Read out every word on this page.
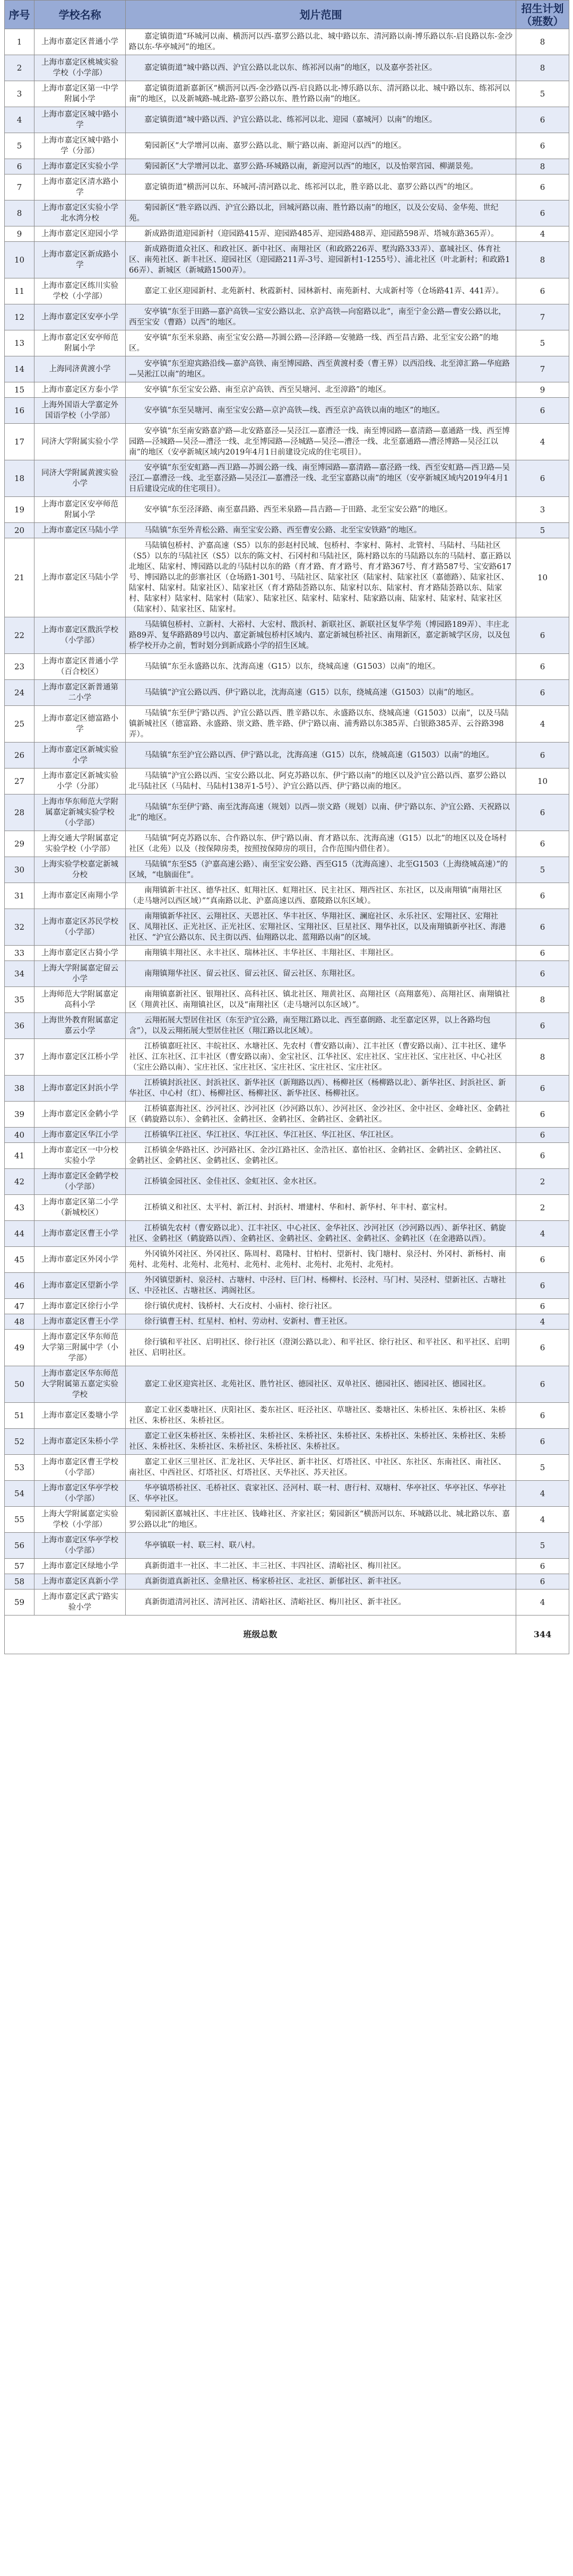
序号	学校名称	划片范围	招生计划（班数）
1	上海市嘉定区普通小学	嘉定镇街道“环城河以南、横沥河以西-嘉罗公路以北、城中路以东、清河路以南-博乐路以东-启良路以东-金沙路以东-华亭城河”的地区。	8
2	上海市嘉定区桃城实验学校（小学部）	嘉定镇街道“城中路以西、沪宜公路以北以东、练祁河以南”的地区，以及嘉亭荟社区。	8
3	上海市嘉定区第一中学附属小学	嘉定镇街道新嘉新区“横沥河以西-金沙路以西-启良路以北-博乐路以东、清河路以北、城中路以东、练祁河以南”的地区，以及新城路-城北路-嘉罗公路以东、胜竹路以南”的地区。	5
4	上海市嘉定区城中路小学	嘉定镇街道“城中路以西、沪宜公路以北、练祁河以北、迎园（嘉城河）以南”的地区。	6
5	上海市嘉定区城中路小学（分部）	菊园新区“大学增河以南、嘉罗公路以北、顺宁路以南、新迎河以西”的地区。	6
6	上海市嘉定区实验小学	菊园新区“大学增河以北、嘉罗公路-环城路以南，新迎河以西”的地区，以及怡翠宫园、柳湖景苑。	8
7	上海市嘉定区清水路小学	嘉定镇街道“横沥河以东、环城河-清河路以北、练祁河以北，胜辛路以北、嘉罗公路以西”的地区。	6
8	上海市嘉定区实验小学北水湾分校	菊园新区“胜辛路以西、沪宜公路以北，回城河路以南、胜竹路以南”的地区，以及公安局、金华苑、世纪苑。	6
9	上海市嘉定区迎园小学	新成路街道迎园新村（迎园路415弄、迎园路485弄、迎园路488弄、迎园路598弄、塔城东路365弄）。	4
10	上海市嘉定区新成路小学	新成路街道众社区、和政社区、新中社区、南翔社区（和政路226弄、墅沟路333弄）、嘉城社区、体育社区、南苑社区、新丰社区、迎园社区（迎园路211弄-3号、迎园新村1-1255号）、浦北社区（叶北新村；和政路166弄）、新城区（新城路1500弄）。	8
11	上海市嘉定区练川实验学校（小学部）	嘉定工业区迎园新村、北苑新村、秋霞新村、园林新村、南苑新村、大成新村等（仓场路41弄、441弄）。	6
12	上海市嘉定区安亭小学	安亭镇“东至于田路—嘉沪高铁—宝安公路以北、京沪高铁—向窑路以北”，南至宁金公路—曹安公路以北，西至宝安（曹路）以西”的地区。	7
13	上海市嘉定区安亭师范附属小学	安亭镇“东至米泉路、南至宝安公路—苏圆公路—泾泽路—安驰路一线、西至昌吉路、北至宝安公路”的地区。	5
14	上海同济黄渡小学	安亭镇“东至迎宾路沿线—嘉沪高铁、南至博园路、西至黄渡村委（曹王界）以西沿线、北至漳汇路—华庭路—吴淞江以南”的地区。	7
15	上海市嘉定区方泰小学	安亭镇“东至宝安公路、南至京沪高铁、西至吴塘河、北至漳路”的地区。	9
16	上海外国语大学嘉定外国语学校（小学部）	安亭镇“东至吴塘河、南至宝安公路—京沪高铁—线、西至京沪高铁以南的地区”的地区。	6
17	同济大学附属实验小学	安亭镇“东至南安路嘉沪路—北安路嘉泾—吴泾江—嘉漕泾一线、南至博园路—嘉清路—嘉通路一线、西至博园路—泾城路—吴泾—漕泾一线、北至博园路—泾城路—吴泾—漕泾一线、北至嘉通路—漕泾博路—吴泾江以南”的地区（安亭新城区域内2019年4月1日前建设完成的住宅项目）。	4
18	同济大学附属黄渡实验小学	安亭镇“东至安虹路—西卫路—苏圆公路一线、南至博园路—嘉清路—嘉泾路一线、西至安虹路—西卫路—吴泾江—嘉漕泾一线、北至嘉泾路—吴泾江—嘉漕泾一线、北至宝嘉路以南”的地区（安亭新城区域内2019年4月1日后建设完成的住宅项目）。	6
19	上海市嘉定区安亭师范附属小学	安亭镇“东至泾泽路、南至嘉昌路、西至米泉路—昌吉路—于田路、北至宝安公路”的地区。	3
20	上海市嘉定区马陆小学	马陆镇“东至外青松公路、南至宝安公路、西至曹安公路、北至宝安铁路”的地区。	5
21	上海市嘉定区马陆小学	马陆镇包桥村、沪嘉高速（S5）以东的彭赵村民域、包桥村、李家村、陈村、北管村、马陆村、马陆社区（S5）以东的马陆社区（S5）以东的陈文村、石冈村和马陆社区，陈村路以东的马陆路以东的马陆村、嘉正路以北地区、陆家村、博园路以北的马陆村以东的路（育才路、育才路号、育才路367号、育才路587号、宝安路617号、博园路以北的彭寨社区（仓场路1-301号、马陆社区、陆家社区（陆家村、陆家社区（嘉德路）、陆家社区、陆家村、陆家村。陆家社区）、陆家社区（育才路陆荟路以东、陆家村以东、陆家村、育才路陆荟路以东、陆家村、陆家村）陆家村、陆家村（陆家）、陆家社区、陆家村、陆家村、陆家路以南、陆家村、陆家村、陆家社区（陆家村）、陆家社区、陆家村。	10
22	上海市嘉定区戬浜学校（小学部）	马陆镇包桥村、立新村、大裕村、大宏村、戬浜村、新联社区、新联社区复华学苑（博园路189弄）、丰庄北路89弄、复华路路89号以内、嘉定新城包桥村区域内、嘉定新城包桥社区、南翔新区，嘉定新城学区房，以及包桥学校开办之前，暂时划分到新成路小学的招生区域。	6
23	上海市嘉定区普通小学（百合校区）	马陆镇“东至永盛路以东、沈海高速（G15）以东，绕城高速（G1503）以南”的地区。	6
24	上海市嘉定区新普通第二小学	马陆镇“沪宜公路以西、伊宁路以北，沈海高速（G15）以东，绕城高速（G1503）以南”的地区。	6
25	上海市嘉定区德富路小学	马陆镇“东至伊宁路以西、沪宜公路以西、胜辛路以东、永盛路以东、绕城高速（G1503）以南”，以及马陆镇新城社区（德富路、永盛路、崇文路、胜辛路、伊宁路以南、浦秀路以东385弄、白银路385弄、云谷路398弄）。	4
26	上海市嘉定区新城实验小学	马陆镇“东至沪宜公路以西、伊宁路以北，沈海高速（G15）以东，绕城高速（G1503）以南”的地区。	6
27	上海市嘉定区新城实验小学（分部）	马陆镇“沪宜公路以西、宝安公路以北、阿克苏路以东、伊宁路以南”的地区以及沪宜公路以西、嘉罗公路以北马陆社区（马陆村、马陆村138弄1-5号）、沪宜公路以西、伊宁路以南的地区。	10
28	上海市华东师范大学附属嘉定新城实验学校（小学部）	马陆镇“东至伊宁路、南至沈海高速（规划）以西—崇文路（规划）以南、伊宁路以东、沪宜公路、天祝路以北”的地区。	6
29	上海交通大学附属嘉定实验学校（小学部）	马陆镇“阿克苏路以东、合作路以东、伊宁路以南、育才路以东、沈海高速（G15）以北”的地区以及仓场村社区（北苑）以及（按保障房类，按照按保障房的项目，合作范围内借住者）。	6
30	上海实验学校嘉定新城分校	马陆镇“东至S5（沪嘉高速公路）、南至宝安公路、西至G15（沈海高速）、北至G1503（上海绕城高速）”的区域，“电脑面住”。	5
31	上海市嘉定区南翔小学	南翔镇新丰社区、德华社区、虹翔社区、虹翔社区、民主社区、翔西社区、东社区，以及南翔镇“南翔社区（走马塘河以西区域）”“真南路以北、沪嘉高速以西、嘉陵路以东区域）。	6
32	上海市嘉定区苏民学校（小学部）	南翔镇新华社区、云翔社区、天恩社区、华丰社区、华翔社区、澜庭社区、永乐社区、宏翔社区、宏翔社区、凤翔社区、正光社区、正光社区、宏翔社区、宝翔社区、巨星社区、翔华社区，以及南翔镇新亭社区、海港社区、“沪宜公路以东、民主街以西、仙翔路以北、蓝翔路以南”的区域。	6
33	上海市嘉定区古猗小学	南翔镇丰翔社区、永丰社区、瑞林社区、丰华社区、丰翔社区、丰翔社区。	6
34	上海大学附属嘉定留云小学	南翔镇翔华社区、留云社区、留云社区、留云社区、东翔社区。	6
35	上海师范大学附属嘉定高科小学	南翔镇嘉新社区、银翔社区、高科社区、镇北社区、翔黄社区、高翔社区（高翔嘉苑）、高翔社区、南翔镇社区（翔黄社区、南翔镇社区，以及“南翔社区（走马塘河以东区域）”。	8
36	上海世外教育附属嘉定嘉云小学	云翔拓展大型居住社区（东至沪宜公路，南至翔江路以北、西至嘉朗路、北至嘉定区界，以上各路均包含”），以及云翔拓展大型居住社区（翔江路以北区域）。	6
37	上海市嘉定区江桥小学	江桥镇嘉旺社区、丰皖社区、水塘社区、先农村（曹安路以南）、江丰社区（曹安路以南）、江丰社区、建华社区、江东社区、江丰社区（曹安路以南）、金宝社区、江华社区、宏庄社区、宝庄社区、宝庄社区、中心社区（宝庄公路以南）、宝庄社区、宝庄社区、宝庄社区、宝庄社区、宝庄社区。	8
38	上海市嘉定区封浜小学	江桥镇封浜社区、封浜社区、新华社区（新翔路以西）、杨柳社区（杨柳路以北）、新华社区、封浜社区、新华社区、中心村（红）、杨柳社区、杨柳社区、新华社区、杨柳社区。	6
39	上海市嘉定区金鹤小学	江桥镇嘉海社区、沙河社区、沙河社区（沙河路以东）、沙河社区、金沙社区、金中社区、金峰社区、金鹤社区（鹤旋路以东）、金鹤社区、金鹤社区、金鹤社区、金鹤社区、金鹤社区。	6
40	上海市嘉定区华江小学	江桥镇华江社区、华江社区、华江社区、华江社区、华江社区、华江社区。	6
41	上海市嘉定区一中分校实验小学	江桥镇金华路社区、沙河路社区、金沙江路社区、金浩社区、嘉怡社区、金鹤社区、金鹤社区、金鹤社区、金鹤社区、金鹤社区、金鹤社区、金鹤社区。	6
42	上海市嘉定区金鹤学校（小学部）	江桥镇金园社区、金佳社区、金虹社区、金水社区。	2
43	上海市嘉定区第二小学（新城校区）	江桥镇义和社区、太平村、新江村、封浜村、增建村、华和村、新华村、年丰村、嘉宝村。	2
44	上海市嘉定区曹王小学	江桥镇先农村（曹安路以北）、江丰社区、中心社区、金华社区、沙河社区（沙河路以西）、新华社区、鹤旋社区、金鹤社区（鹤旋路以西）、金鹤社区、金鹤社区、金鹤社区、金鹤社区、金鹤社区（在金港路以西）。	4
45	上海市嘉定区外冈小学	外冈镇外冈社区、外冈社区、陈周村、葛隆村、甘柏村、望新村、钱门塘村、泉泾村、外冈村、新杨村、南苑村、北苑村、北苑村、北苑村、北苑村、北苑村、北苑村、北苑村、北苑村。	6
46	上海市嘉定区望新小学	外冈镇望新村、泉泾村、古塘村、中泾村、巨门村、杨柳村、长泾村、马门村、吴泾村、望新社区、古塘社区、中泾社区、古塘社区、鸿阁社区。	6
47	上海市嘉定区徐行小学	徐行镇伏虎村、钱桥村、大石皮村、小庙村、徐行社区。	6
48	上海市嘉定区曹王小学	徐行镇曹王村、红星村、柏村、劳动村、安新村、曹王社区。	4
49	上海市嘉定区华东师范大学第三附属中学（小学部）	徐行镇和平社区、启明社区、徐行社区（澄浏公路以北）、和平社区、徐行社区、和平社区、和平社区、启明社区、启明社区。	6
50	上海市嘉定区华东师范大学附属第五嘉定实验学校	嘉定工业区迎宾社区、北苑社区、胜竹社区、德园社区、双单社区、德园社区、德园社区、德园社区。	6
51	上海市嘉定区娄塘小学	嘉定工业区娄塘社区、庆阳社区、娄东社区、旺泾社区、草塘社区、娄塘社区、朱桥社区、朱桥社区、朱桥社区、朱桥社区、朱桥社区。	6
52	上海市嘉定区朱桥小学	嘉定工业区朱桥社区、朱桥社区、朱桥社区、朱桥社区、朱桥社区、朱桥社区、朱桥社区、朱桥社区、朱桥社区、朱桥社区、朱桥社区、朱桥社区、朱桥社区、朱桥社区。	6
53	上海市嘉定区曹王学校（小学部）	嘉定工业区三里社区、汇龙社区、天华社区、新丰社区、灯塔社区、中社区、东社区、东南社区、南社区、南社区、中西社区、灯塔社区、灯塔社区、天华社区、苏天社区。	5
54	上海市嘉定区华亭学校（小学部）	华亭镇塔桥社区、毛桥社区、袁家社区、泾河村、联一村、唐行村、双塘村、华亭社区、华亭社区、华亭社区、华亭社区。	4
55	上海大学附属嘉定实验学校（小学部）	菊园新区嘉城社区、丰庄社区、钱峰社区、齐家社区；菊园新区“横沥河以东、环城路以北、城北路以东、嘉罗公路以北”的地区。	4
56	上海市嘉定区华亭学校（小学部）	华亭镇联一村、联三村、联八村。	5
57	上海市嘉定区绿地小学	真新街道丰一社区、丰二社区、丰三社区、丰四社区、清峪社区、梅川社区。	6
58	上海市嘉定区真新小学	真新街道真新社区、金鼎社区、杨家桥社区、北社区、新郁社区、新丰社区。	6
59	上海市嘉定区武宁路实验小学	真新街道清河社区、清河社区、清峪社区、清峪社区、梅川社区、新丰社区。	4
班级总数			344
